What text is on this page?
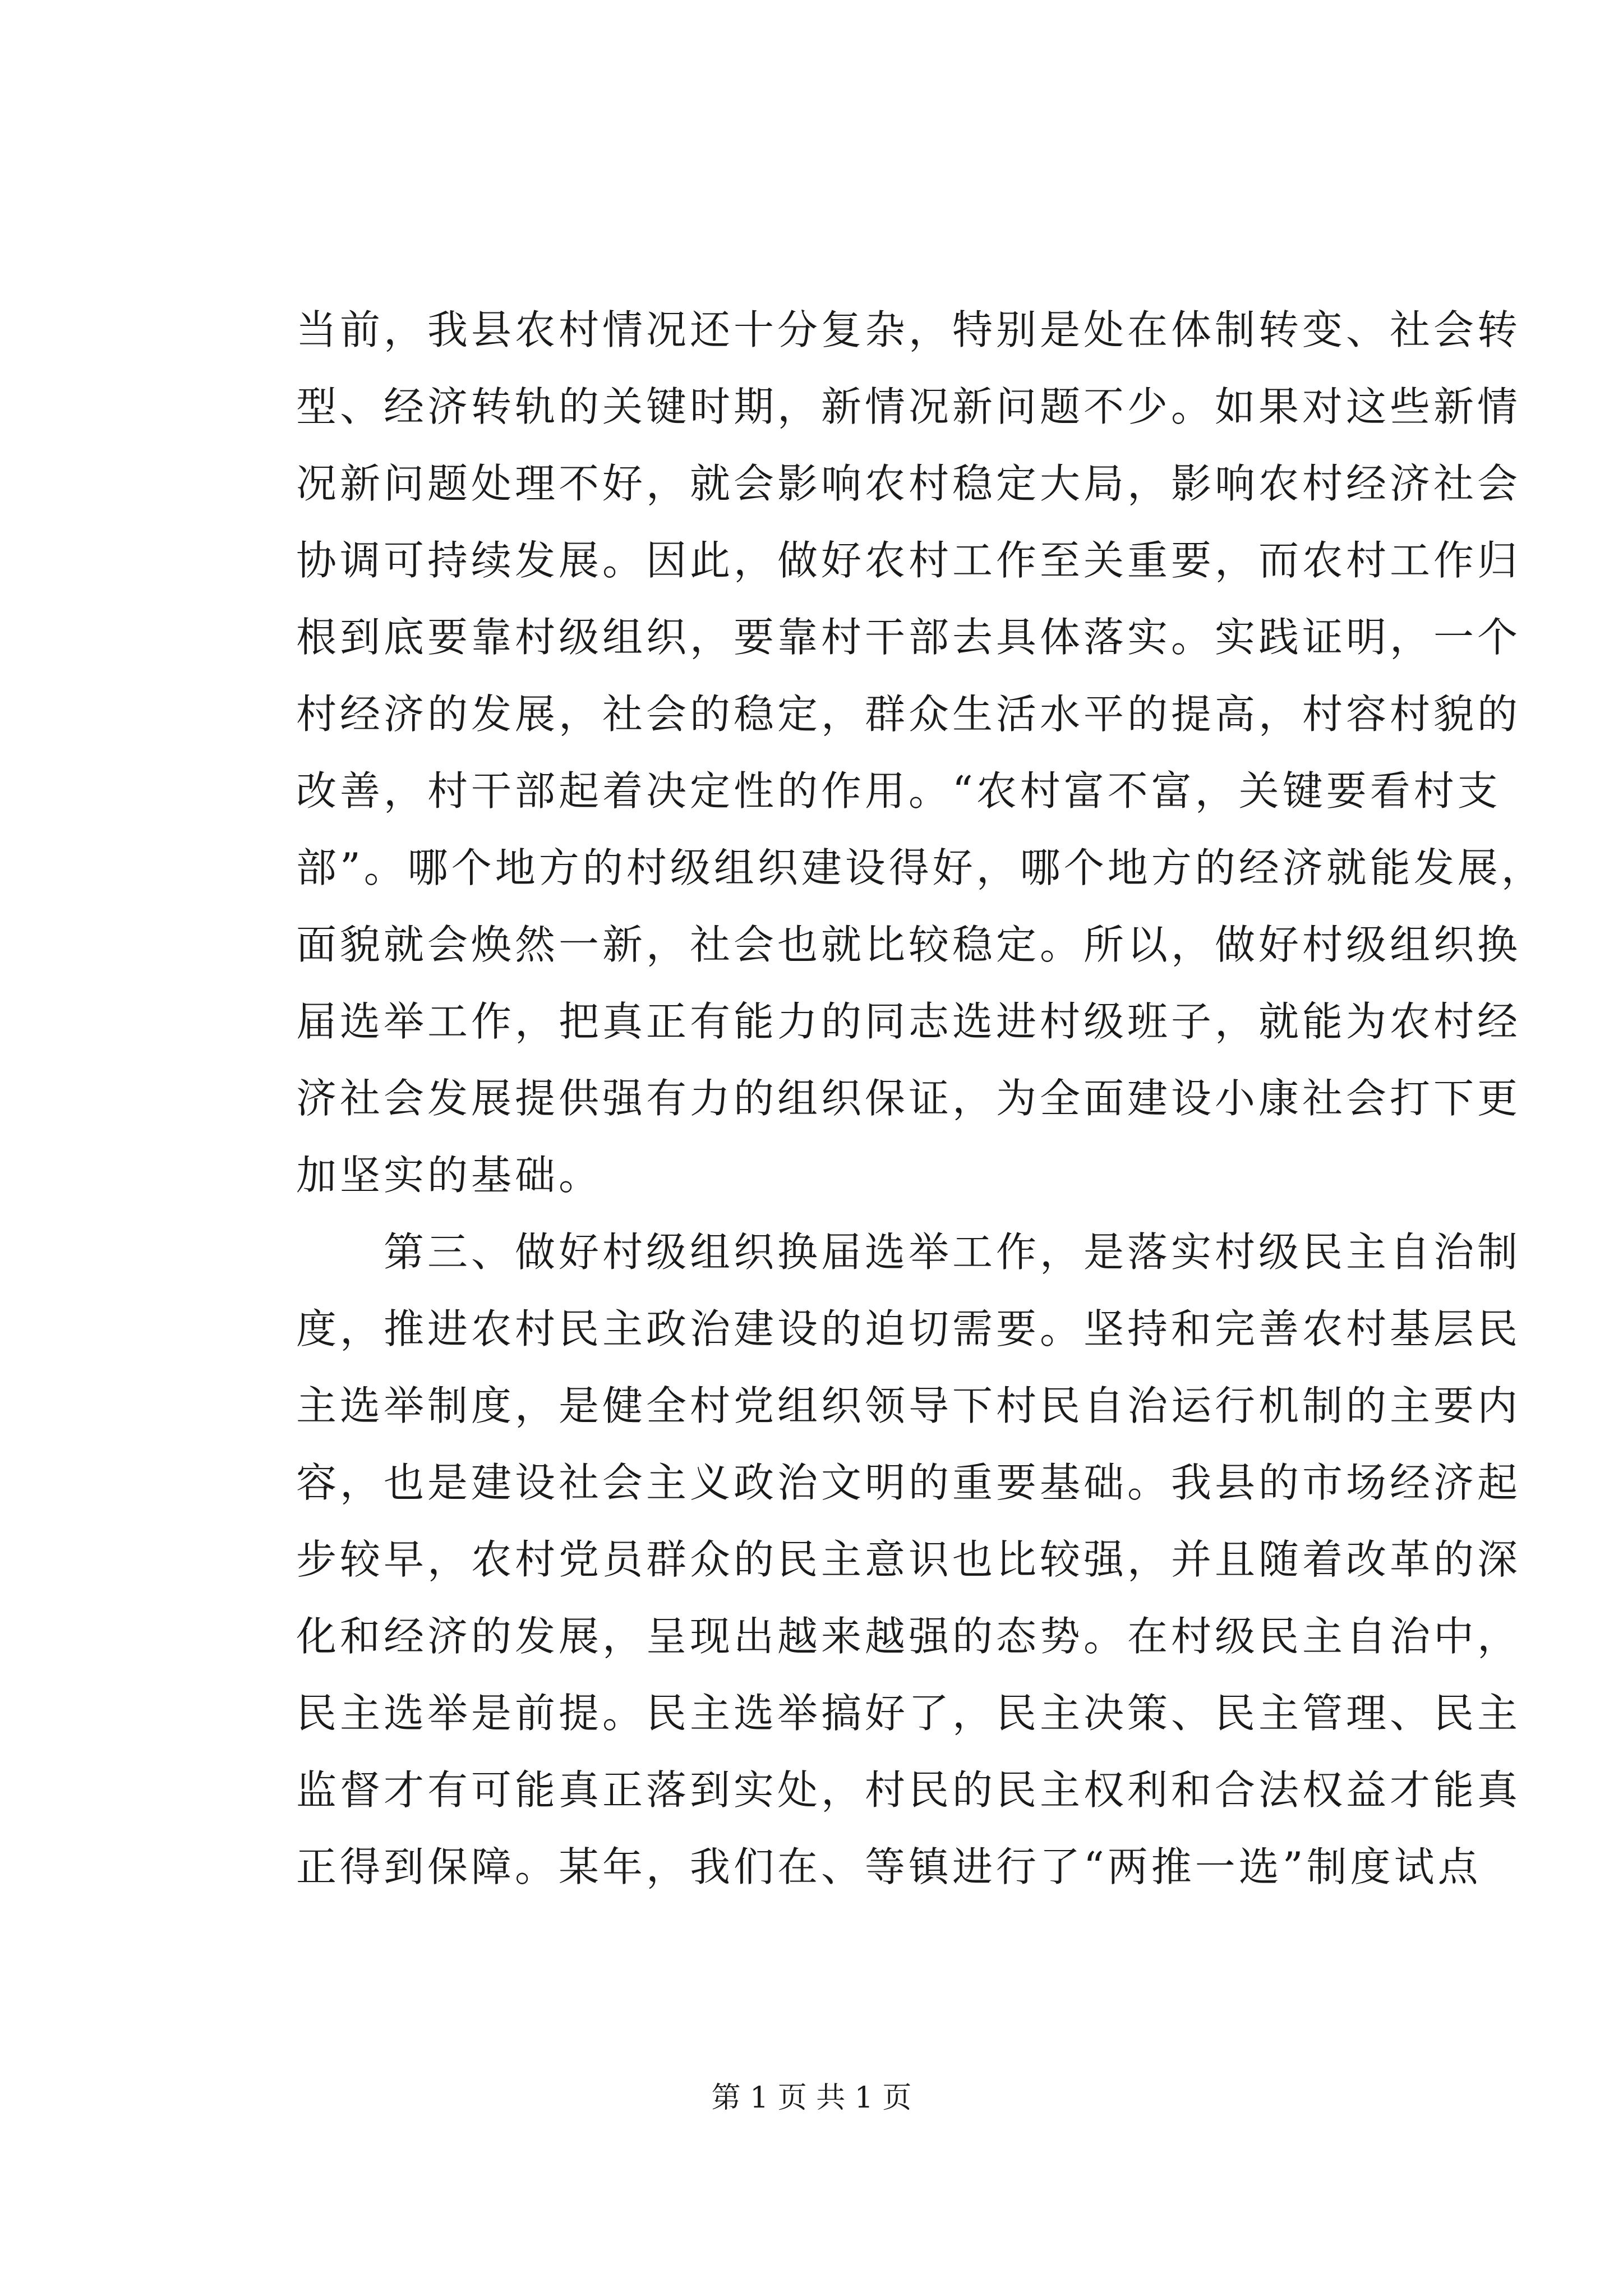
当前，我县农村情况还十分复杂，特别是处在体制转变、社会转
型、经济转轨的关键时期，新情况新问题不少。如果对这些新情
况新问题处理不好，就会影响农村稳定大局，影响农村经济社会
协调可持续发展。因此，做好农村工作至关重要，而农村工作归
根到底要靠村级组织，要靠村干部去具体落实。实践证明，一个
村经济的发展，社会的稳定，群众生活水平的提高，村容村貌的
改善，村干部起着决定性的作用。“农村富不富，关键要看村支
部”。哪个地方的村级组织建设得好，哪个地方的经济就能发展，
面貌就会焕然一新，社会也就比较稳定。所以，做好村级组织换
届选举工作，把真正有能力的同志选进村级班子，就能为农村经
济社会发展提供强有力的组织保证，为全面建设小康社会打下更
加坚实的基础。
　　第三、做好村级组织换届选举工作，是落实村级民主自治制
度，推进农村民主政治建设的迫切需要。坚持和完善农村基层民
主选举制度，是健全村党组织领导下村民自治运行机制的主要内
容，也是建设社会主义政治文明的重要基础。我县的市场经济起
步较早，农村党员群众的民主意识也比较强，并且随着改革的深
化和经济的发展，呈现出越来越强的态势。在村级民主自治中，
民主选举是前提。民主选举搞好了，民主决策、民主管理、民主
监督才有可能真正落到实处，村民的民主权利和合法权益才能真
正得到保障。某年，我们在、等镇进行了“两推一选”制度试点
第 1 页 共 1 页
